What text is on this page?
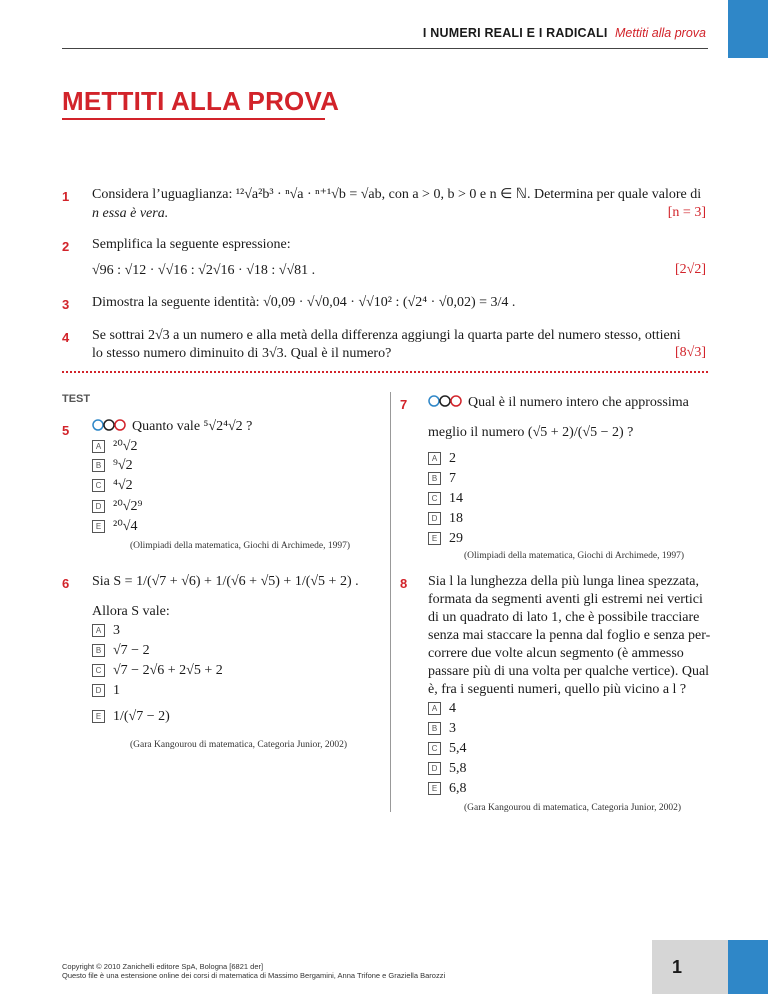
I NUMERI REALI E I RADICALI Mettiti alla prova
METTITI ALLA PROVA
1 Considera l’uguaglianza: ¹²√a²b³ · ⁿ√a · ⁿ⁺¹√b = √ab, con a > 0, b > 0 e n ∈ ℕ. Determina per quale valore di
n essa è vera.	[n = 3]
2 Semplifica la seguente espressione:
√96 : √12 · √√16 : √2√16 · √18 : √√81 .	[2√2]
3 Dimostra la seguente identità: √0,09 · √√0,04 · √√10² : (√2⁴ · √0,02) = 3/4 .
4 Se sottrai 2√3 a un numero e alla metà della differenza aggiungi la quarta parte del numero stesso, ottieni
lo stesso numero diminuito di 3√3. Qual è il numero?	[8√3]
TEST
5	Quanto vale ⁵√2⁴√2 ?
A ²⁰√2
B ⁹√2
C ⁴√2
D ²⁰√2⁹
E ²⁰√4
(Olimpiadi della matematica, Giochi di Archimede, 1997)
6 Sia S = 1/(√7 + √6) + 1/(√6 + √5) + 1/(√5 + 2) .
Allora S vale:
A 3
B √7 − 2
C √7 − 2√6 + 2√5 + 2
D 1
E 1/(√7 − 2)
(Gara Kangourou di matematica, Categoria Junior, 2002)
7	Qual è il numero intero che approssima
meglio il numero (√5 + 2)/(√5 − 2) ?
A 2
B 7
C 14
D 18
E 29
(Olimpiadi della matematica, Giochi di Archimede, 1997)
8 Sia l la lunghezza della più lunga linea spezzata,
formata da segmenti aventi gli estremi nei vertici
di un quadrato di lato 1, che è possibile tracciare
senza mai staccare la penna dal foglio e senza per-
correre due volte alcun segmento (è ammesso
passare più di una volta per qualche vertice). Qual
è, fra i seguenti numeri, quello più vicino a l ?
A 4
B 3
C 5,4
D 5,8
E 6,8
(Gara Kangourou di matematica, Categoria Junior, 2002)
Copyright © 2010 Zanichelli editore SpA, Bologna [6821 der]
Questo file è una estensione online dei corsi di matematica di Massimo Bergamini, Anna Trifone e Graziella Barozzi	1
